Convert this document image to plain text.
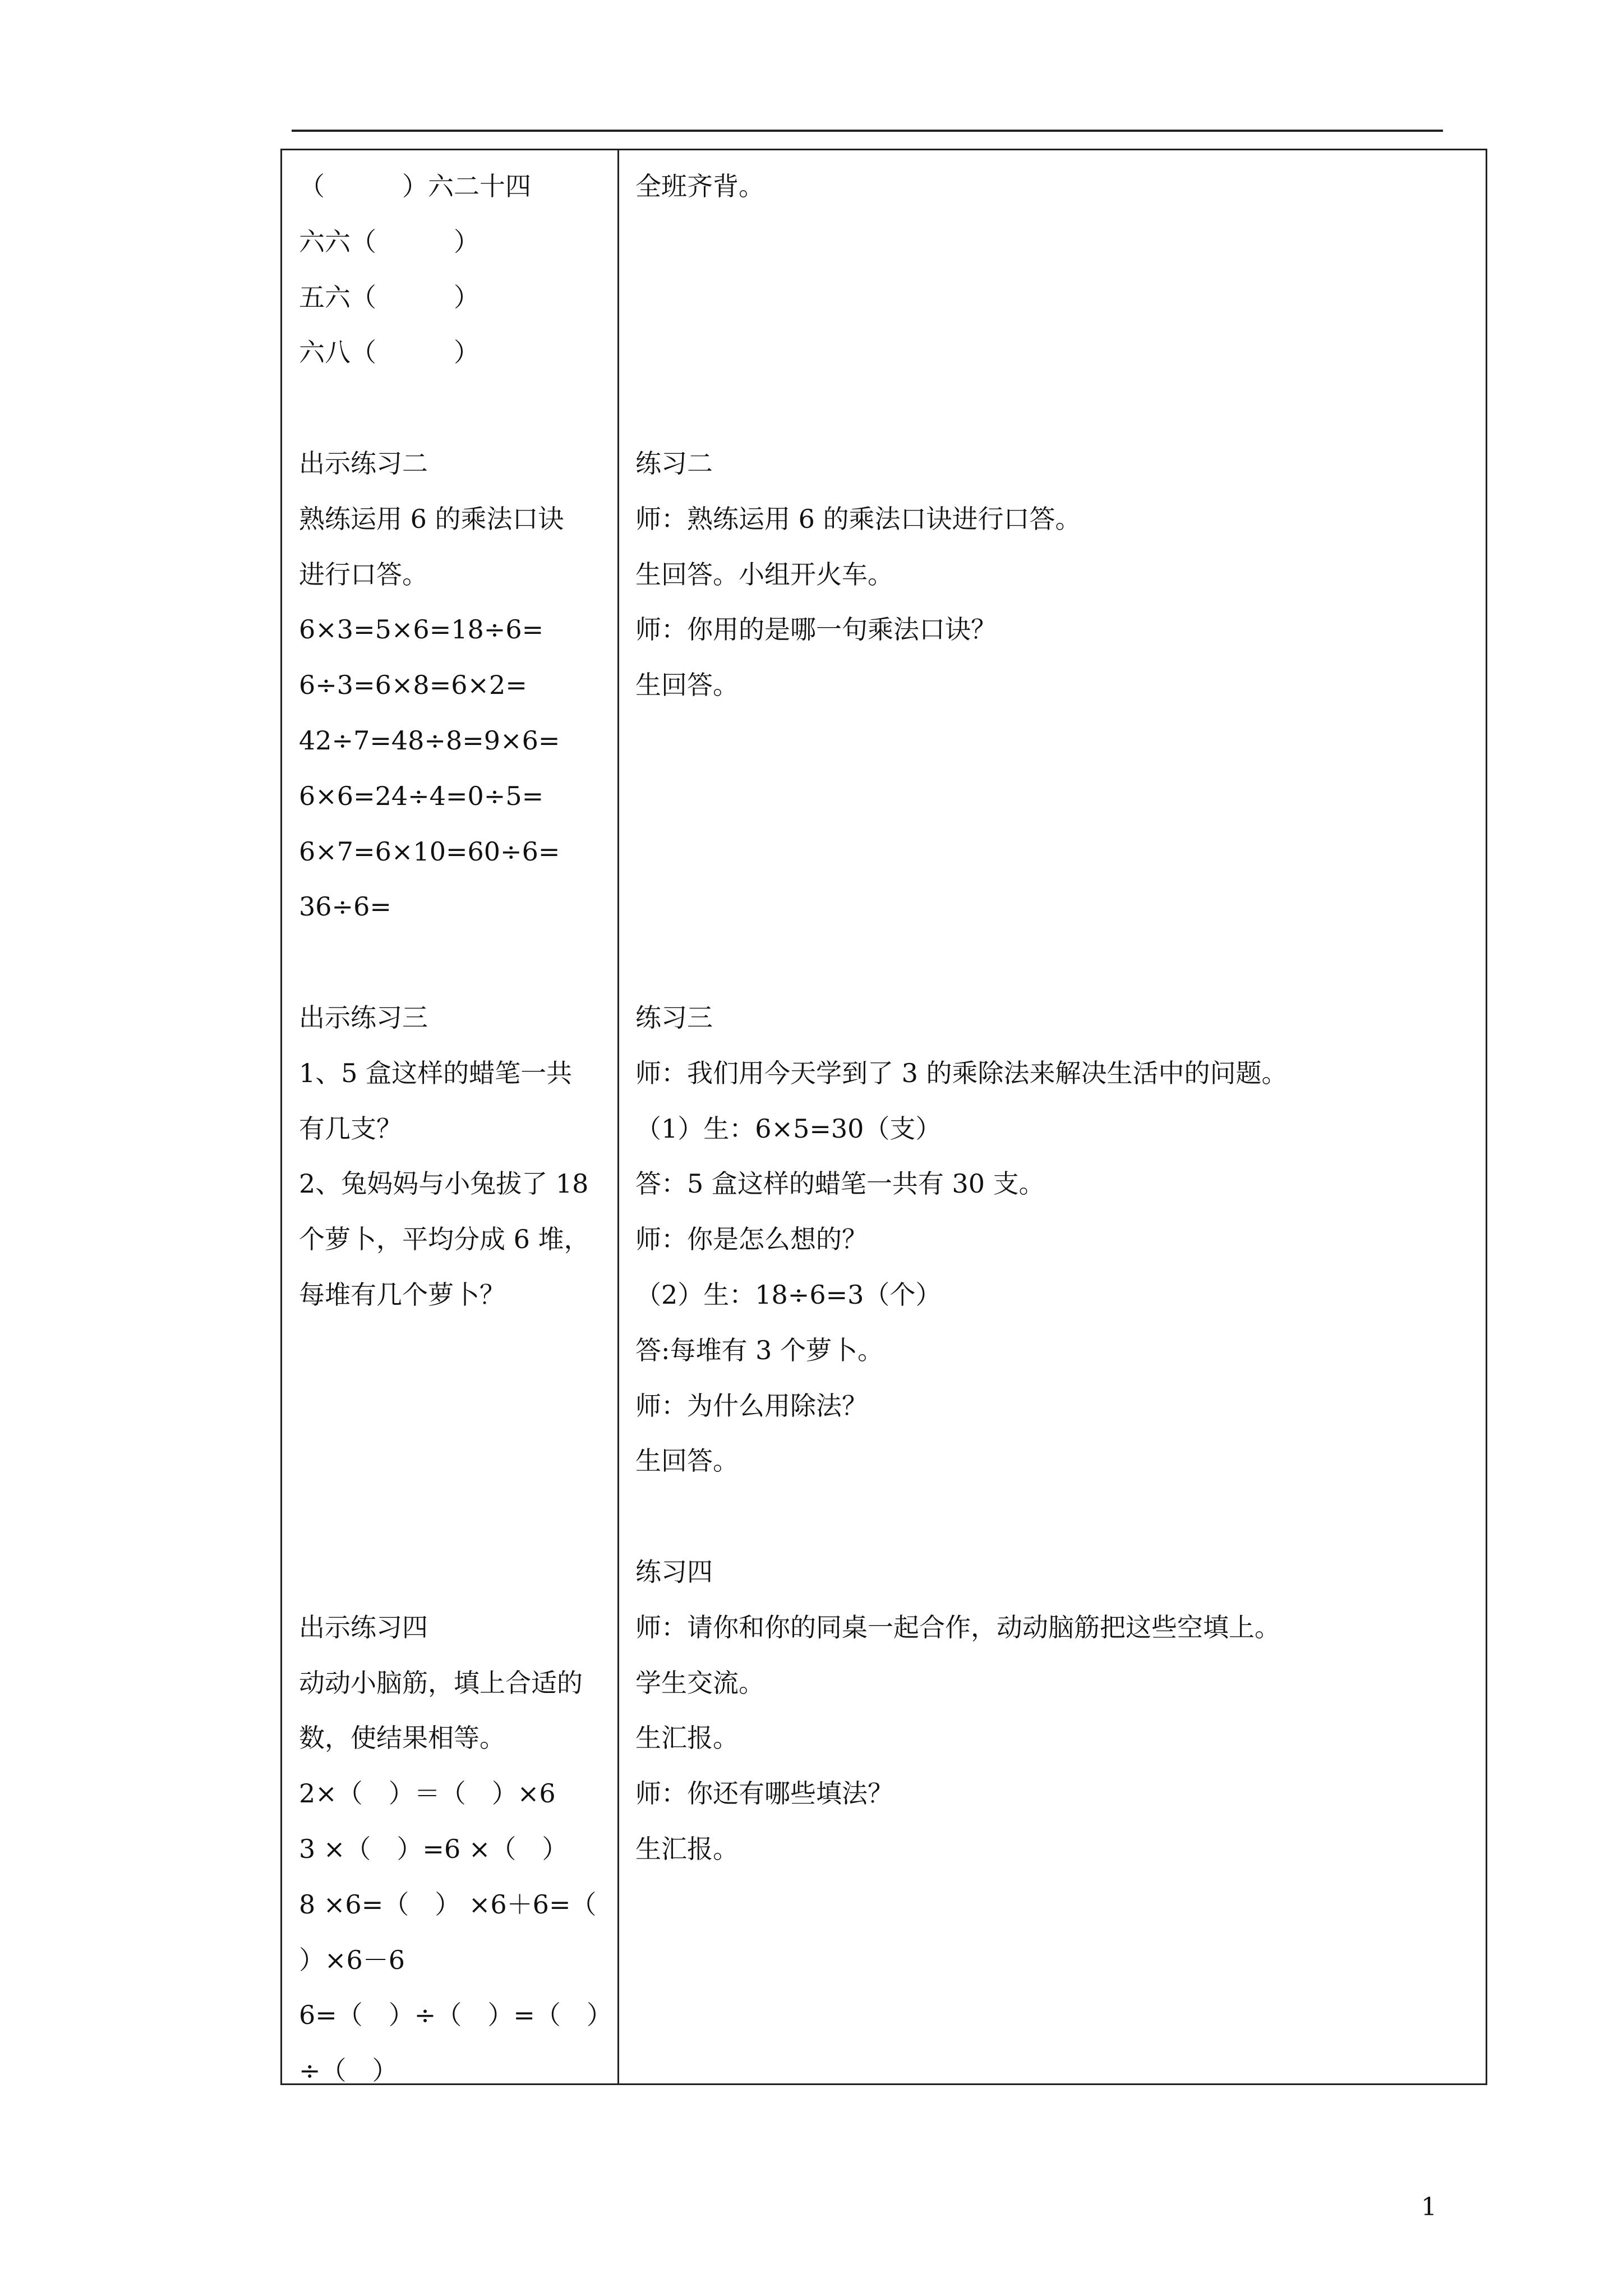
（　　　）六二十四
六六（　　　）
五六（　　　）
六八（　　　）
出示练习二
熟练运用 6 的乘法口诀
进行口答。
6×3=5×6=18÷6=
6÷3=6×8=6×2=
42÷7=48÷8=9×6=
6×6=24÷4=0÷5=
6×7=6×10=60÷6=
36÷6=
出示练习三
1、5 盒这样的蜡笔一共
有几支？
2、兔妈妈与小兔拔了 18
个萝卜，平均分成 6 堆，
每堆有几个萝卜？
出示练习四
动动小脑筋，填上合适的
数，使结果相等。
2×（　）＝（　）×6
3 ×（　）=6 ×（　）
8 ×6=（　） ×6＋6=（
）×6－6
6=（　）÷（　）=（　）
÷（　）
全班齐背。
练习二
师：熟练运用 6 的乘法口诀进行口答。
生回答。小组开火车。
师：你用的是哪一句乘法口诀？
生回答。
练习三
师：我们用今天学到了 3 的乘除法来解决生活中的问题。
（1）生：6×5=30（支）
答：5 盒这样的蜡笔一共有 30 支。
师：你是怎么想的？
（2）生：18÷6=3（个）
答:每堆有 3 个萝卜。
师：为什么用除法？
生回答。
练习四
师：请你和你的同桌一起合作，动动脑筋把这些空填上。
学生交流。
生汇报。
师：你还有哪些填法？
生汇报。
1
